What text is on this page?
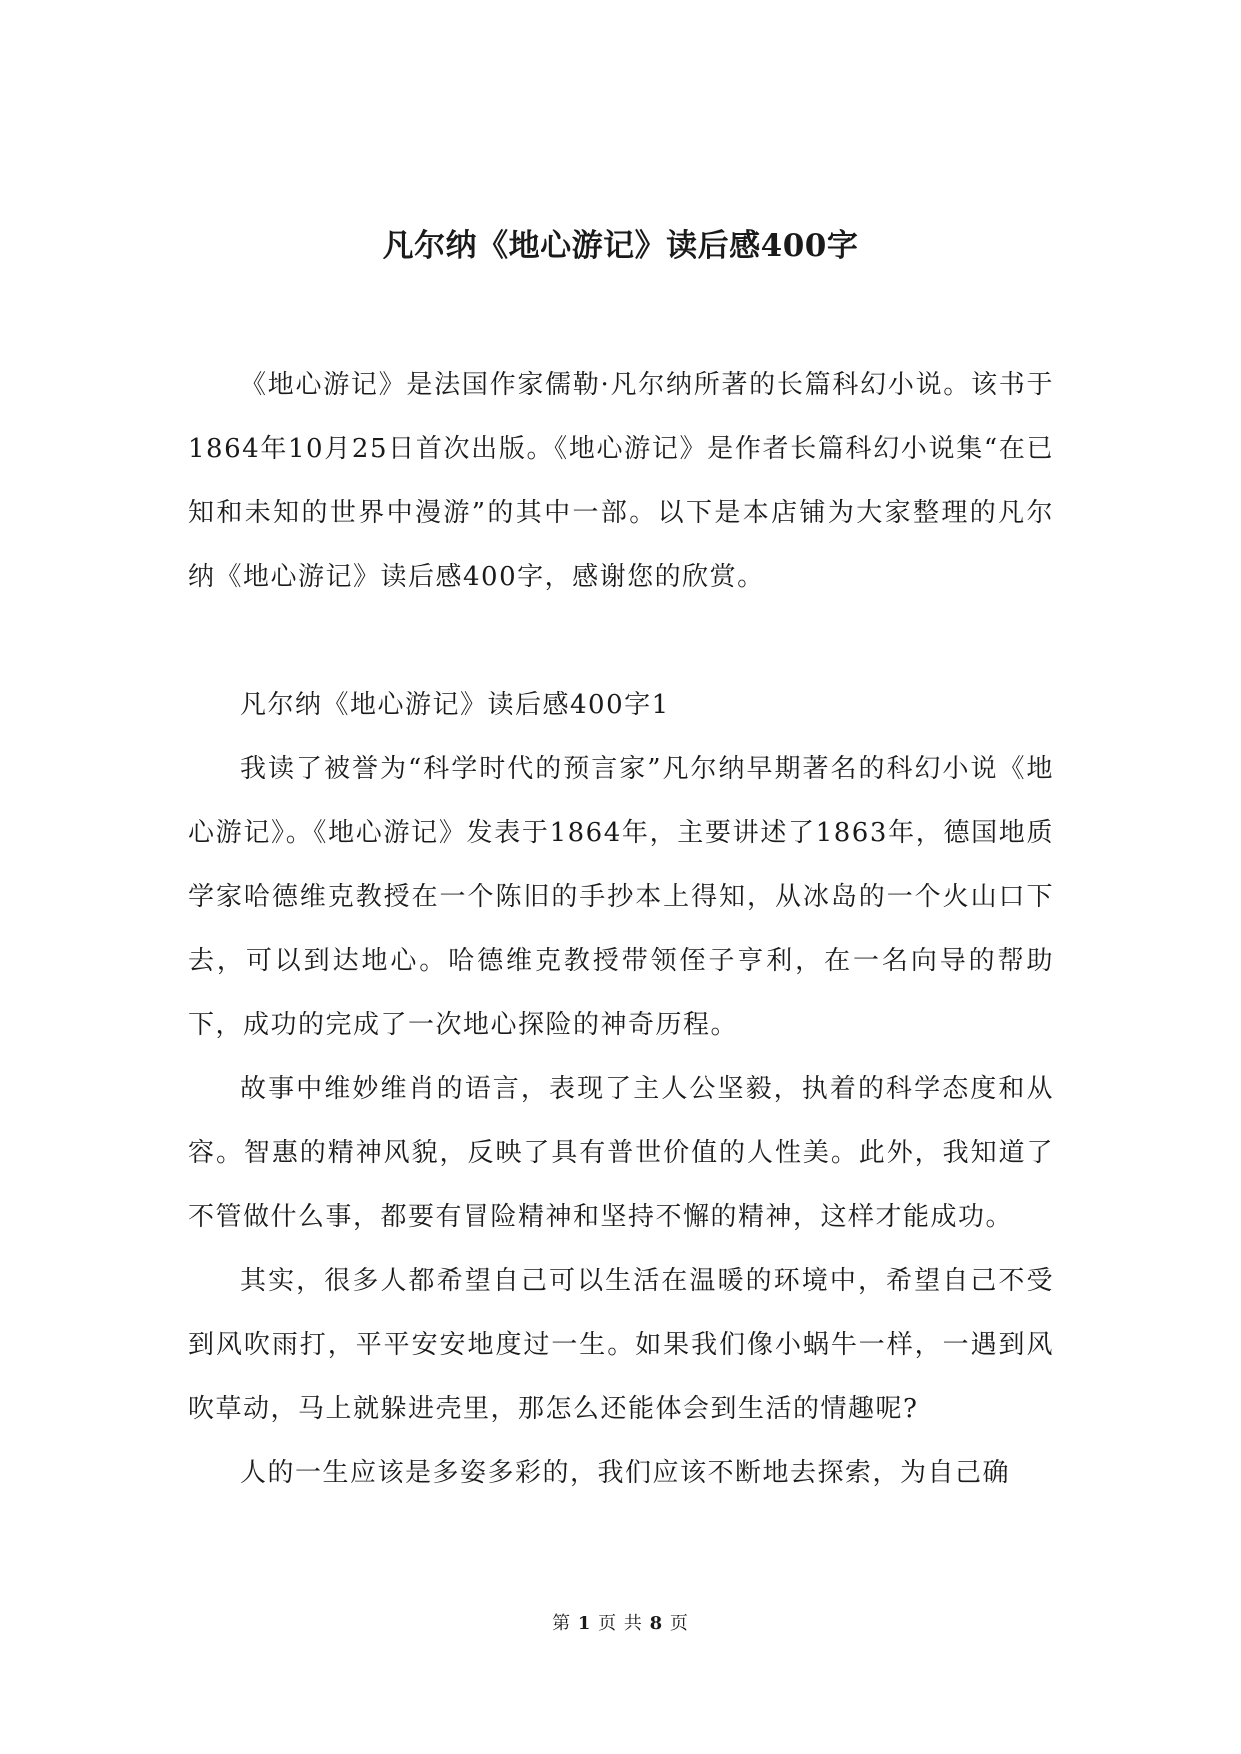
凡尔纳《地心游记》读后感400字

《地心游记》是法国作家儒勒·凡尔纳所著的长篇科幻小说。该书于1864年10月25日首次出版。《地心游记》是作者长篇科幻小说集“在已知和未知的世界中漫游”的其中一部。以下是本店铺为大家整理的凡尔纳《地心游记》读后感400字，感谢您的欣赏。

凡尔纳《地心游记》读后感400字1

我读了被誉为“科学时代的预言家”凡尔纳早期著名的科幻小说《地心游记》。《地心游记》发表于1864年，主要讲述了1863年，德国地质学家哈德维克教授在一个陈旧的手抄本上得知，从冰岛的一个火山口下去，可以到达地心。哈德维克教授带领侄子亨利，在一名向导的帮助下，成功的完成了一次地心探险的神奇历程。

故事中维妙维肖的语言，表现了主人公坚毅，执着的科学态度和从容。智惠的精神风貌，反映了具有普世价值的人性美。此外，我知道了不管做什么事，都要有冒险精神和坚持不懈的精神，这样才能成功。

其实，很多人都希望自己可以生活在温暖的环境中，希望自己不受到风吹雨打，平平安安地度过一生。如果我们像小蜗牛一样，一遇到风吹草动，马上就躲进壳里，那怎么还能体会到生活的情趣呢?

人的一生应该是多姿多彩的，我们应该不断地去探索，为自己确

第 1 页 共 8 页
